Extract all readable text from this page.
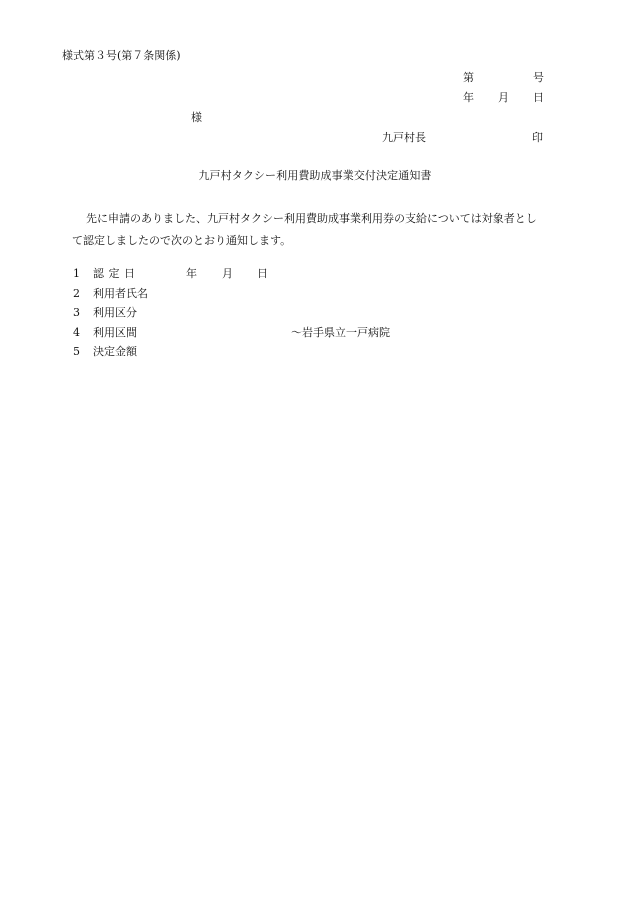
様式第３号(第７条関係)
第	号
年 月 日
様
九戸村長	印
九戸村タクシー利用費助成事業交付決定通知書
先に申請のありました、九戸村タクシー利用費助成事業利用券の支給については対象者とし
て認定しましたので次のとおり通知します。
1	認定日	年 月 日
2	利用者氏名
3	利用区分
4	利用区間	～岩手県立一戸病院
5	決定金額
